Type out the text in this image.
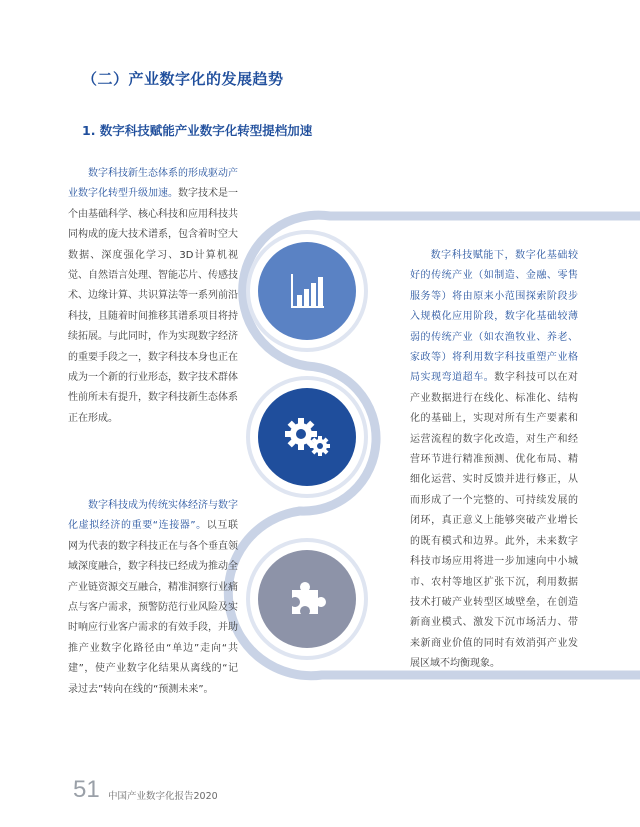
（二）产业数字化的发展趋势
1. 数字科技赋能产业数字化转型提档加速
数字科技新生态体系的形成驱动产业数字化转型升级加速。数字技术是一个由基础科学、核心科技和应用科技共同构成的庞大技术谱系，包含着时空大数据、深度强化学习、3D计算机视觉、自然语言处理、智能芯片、传感技术、边缘计算、共识算法等一系列前沿科技，且随着时间推移其谱系项目将持续拓展。与此同时，作为实现数字经济的重要手段之一，数字科技本身也正在成为一个新的行业形态，数字技术群体性前所未有提升，数字科技新生态体系正在形成。
数字科技成为传统实体经济与数字化虚拟经济的重要“连接器”。以互联网为代表的数字科技正在与各个垂直领域深度融合，数字科技已经成为推动全产业链资源交互融合，精准洞察行业痛点与客户需求，预警防范行业风险及实时响应行业客户需求的有效手段，并助推产业数字化路径由“单边”走向“共建”，使产业数字化结果从离线的“记录过去”转向在线的“预测未来”。
数字科技赋能下，数字化基础较好的传统产业（如制造、金融、零售服务等）将由原来小范围探索阶段步入规模化应用阶段，数字化基础较薄弱的传统产业（如农渔牧业、养老、家政等）将利用数字科技重塑产业格局实现弯道超车。数字科技可以在对产业数据进行在线化、标准化、结构化的基础上，实现对所有生产要素和运营流程的数字化改造，对生产和经营环节进行精准预测、优化布局、精细化运营、实时反馈并进行修正，从而形成了一个完整的、可持续发展的闭环，真正意义上能够突破产业增长的既有模式和边界。此外，未来数字科技市场应用将进一步加速向中小城市、农村等地区扩张下沉，利用数据技术打破产业转型区域壁垒，在创造新商业模式、激发下沉市场活力、带来新商业价值的同时有效消弭产业发展区域不均衡现象。
51 中国产业数字化报告2020
